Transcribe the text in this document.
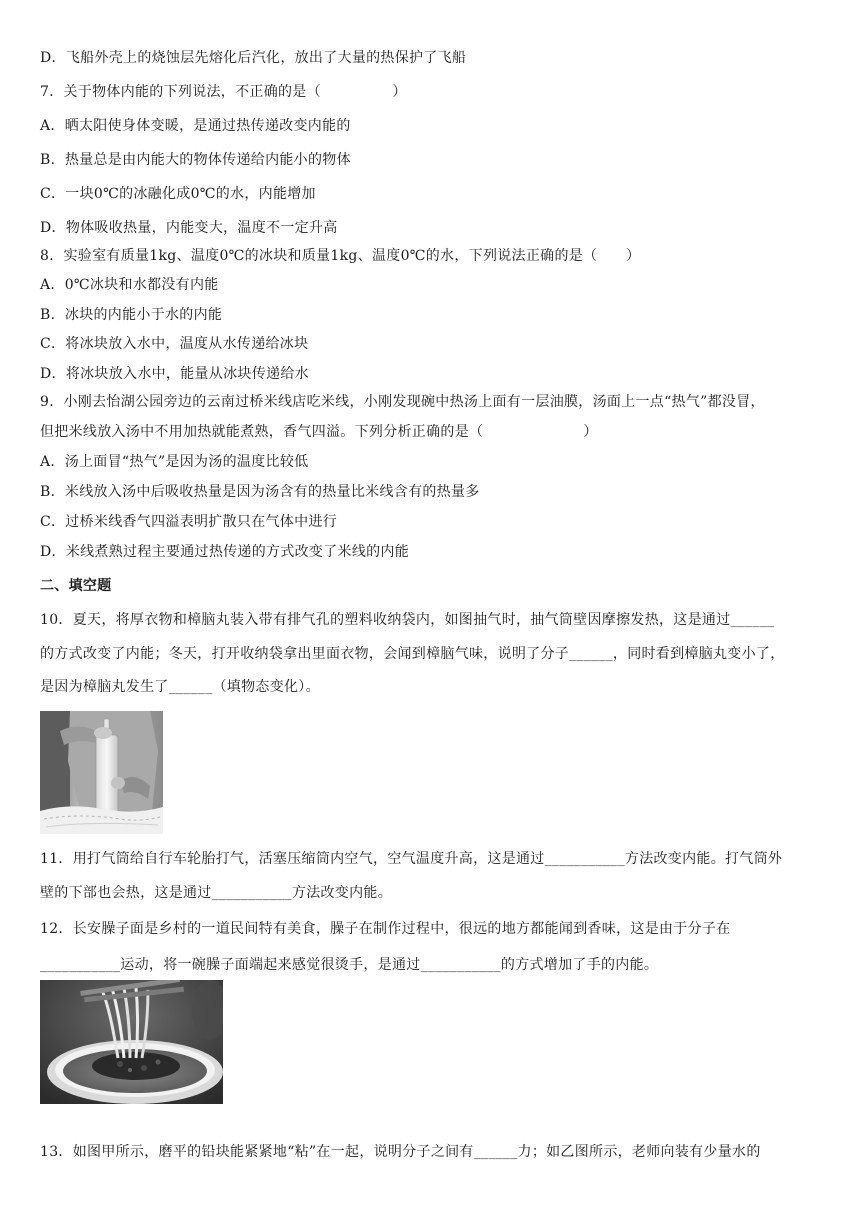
D．飞船外壳上的烧蚀层先熔化后汽化，放出了大量的热保护了飞船
7．关于物体内能的下列说法，不正确的是（　　　　　）
A．晒太阳使身体变暖，是通过热传递改变内能的
B．热量总是由内能大的物体传递给内能小的物体
C．一块0℃的冰融化成0℃的水，内能增加
D．物体吸收热量，内能变大，温度不一定升高
8．实验室有质量1kg、温度0℃的冰块和质量1kg、温度0℃的水，下列说法正确的是（　　）
A．0℃冰块和水都没有内能
B．冰块的内能小于水的内能
C．将冰块放入水中，温度从水传递给冰块
D．将冰块放入水中，能量从冰块传递给水
9．小刚去怡湖公园旁边的云南过桥米线店吃米线，小刚发现碗中热汤上面有一层油膜，汤面上一点“热气”都没冒，
但把米线放入汤中不用加热就能煮熟，香气四溢。下列分析正确的是（　　　　　　　）
A．汤上面冒“热气”是因为汤的温度比较低
B．米线放入汤中后吸收热量是因为汤含有的热量比米线含有的热量多
C．过桥米线香气四溢表明扩散只在气体中进行
D．米线煮熟过程主要通过热传递的方式改变了米线的内能
二、填空题
10．夏天，将厚衣物和樟脑丸装入带有排气孔的塑料收纳袋内，如图抽气时，抽气筒壁因摩擦发热，这是通过______
的方式改变了内能；冬天，打开收纳袋拿出里面衣物，会闻到樟脑气味，说明了分子______，同时看到樟脑丸变小了，
是因为樟脑丸发生了______（填物态变化）。
11．用打气筒给自行车轮胎打气，活塞压缩筒内空气，空气温度升高，这是通过___________方法改变内能。打气筒外
壁的下部也会热，这是通过___________方法改变内能。
12．长安臊子面是乡村的一道民间特有美食，臊子在制作过程中，很远的地方都能闻到香味，这是由于分子在
___________运动，将一碗臊子面端起来感觉很烫手，是通过___________的方式增加了手的内能。
13．如图甲所示，磨平的铅块能紧紧地“粘”在一起，说明分子之间有______力；如乙图所示，老师向装有少量水的
